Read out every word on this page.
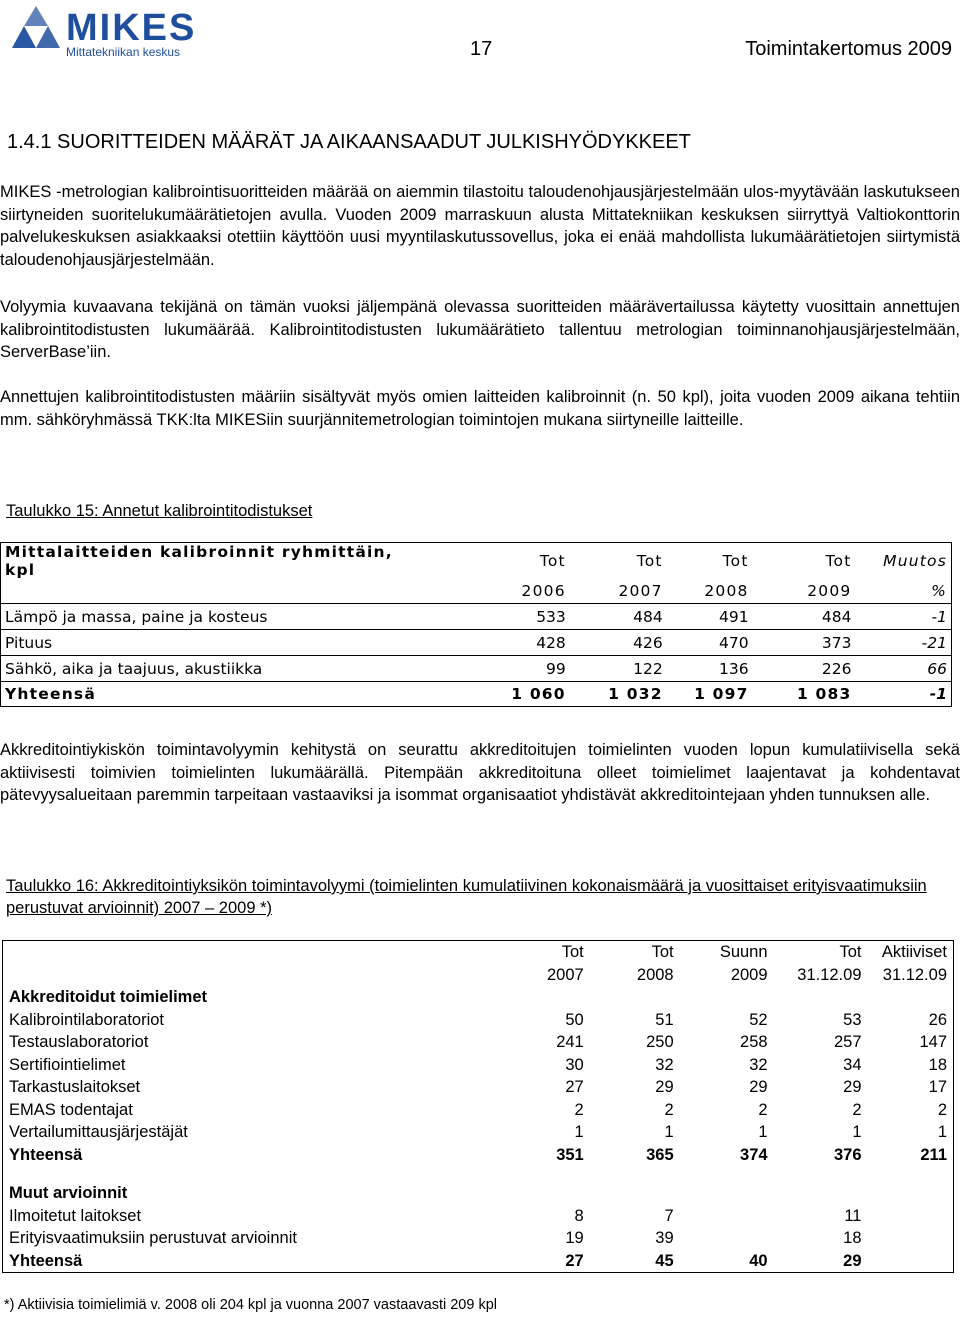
MIKES
Mittatekniikan keskus	17	Toimintakertomus 2009
1.4.1 SUORITTEIDEN MÄÄRÄT JA AIKAANSAADUT JULKISHYÖDYKKEET

MIKES -metrologian kalibrointisuoritteiden määrää on aiemmin tilastoitu taloudenohjausjärjestelmään ulos-myytävään laskutukseen siirtyneiden suoritelukumäärätietojen avulla. Vuoden 2009 marraskuun alusta Mittatekniikan keskuksen siirryttyä Valtiokonttorin palvelukeskuksen asiakkaaksi otettiin käyttöön uusi myyntilaskutussovellus, joka ei enää mahdollista lukumäärätietojen siirtymistä taloudenohjausjärjestelmään.

Volyymia kuvaavana tekijänä on tämän vuoksi jäljempänä olevassa suoritteiden määrävertailussa käytetty vuosittain annettujen kalibrointitodistusten lukumäärää. Kalibrointitodistusten lukumäärätieto tallentuu metrologian toiminnanohjausjärjestelmään, ServerBase’iin.

Annettujen kalibrointitodistusten määriin sisältyvät myös omien laitteiden kalibroinnit (n. 50 kpl), joita vuoden 2009 aikana tehtiin mm. sähköryhmässä TKK:lta MIKESiin suurjännitemetrologian toimintojen mukana siirtyneille laitteille.

Taulukko 15: Annetut kalibrointitodistukset

Mittalaitteiden kalibroinnit ryhmittäin, kpl	Tot	Tot	Tot	Tot	Muutos
	2006	2007	2008	2009	%
Lämpö ja massa, paine ja kosteus	533	484	491	484	-1
Pituus	428	426	470	373	-21
Sähkö, aika ja taajuus, akustiikka	99	122	136	226	66
Yhteensä	1 060	1 032	1 097	1 083	-1

Akkreditointiykiskön toimintavolyymin kehitystä on seurattu akkreditoitujen toimielinten vuoden lopun kumulatiivisella sekä aktiivisesti toimivien toimielinten lukumäärällä. Pitempään akkreditoituna olleet toimielimet laajentavat ja kohdentavat pätevyysalueitaan paremmin tarpeitaan vastaaviksi ja isommat organisaatiot yhdistävät akkreditointejaan yhden tunnuksen alle.

Taulukko 16: Akkreditointiyksikön toimintavolyymi (toimielinten kumulatiivinen kokonaismäärä ja vuosittaiset erityisvaatimuksiin perustuvat arvioinnit) 2007 – 2009 *)

	Tot	Tot	Suunn	Tot	Aktiiviset
	2007	2008	2009	31.12.09	31.12.09
Akkreditoidut toimielimet					
Kalibrointilaboratoriot	50	51	52	53	26
Testauslaboratoriot	241	250	258	257	147
Sertifiointielimet	30	32	32	34	18
Tarkastuslaitokset	27	29	29	29	17
EMAS todentajat	2	2	2	2	2
Vertailumittausjärjestäjät	1	1	1	1	1
Yhteensä	351	365	374	376	211

Muut arvioinnit					
Ilmoitetut laitokset	8	7		11	
Erityisvaatimuksiin perustuvat arvioinnit	19	39		18	
Yhteensä	27	45	40	29	
*) Aktiivisia toimielimiä v. 2008 oli 204 kpl ja vuonna 2007 vastaavasti 209 kpl
